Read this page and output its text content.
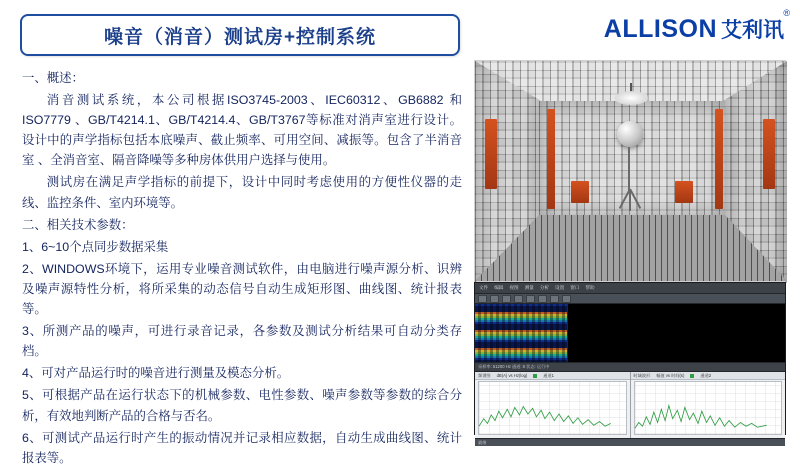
噪音（消音）测试房+控制系统	ALLISON 艾利讯
®

一、概述：

消音测试系统，本公司根据ISO3745-2003、IEC60312、GB6882 和ISO7779 、GB/T4214.1、GB/T4214.4、GB/T3767等标准对消声室进行设计。设计中的声学指标包括本底噪声、截止频率、可用空间、减振等。包含了半消音室 、全消音室、隔音降噪等多种房体供用户选择与使用。

测试房在满足声学指标的前提下，设计中同时考虑使用的方便性仪器的走线、监控条件、室内环境等。

二、相关技术参数：

1、6~10个点同步数据采集

2、WINDOWS环境下，运用专业噪音测试软件，由电脑进行噪声源分析、识辨及噪声源特性分析，将所采集的动态信号自动生成矩形图、曲线图、统计报表等。

3、所测产品的噪声，可进行录音记录，各参数及测试分析结果可自动分类存档。

4、可对产品运行时的噪音进行测量及模态分析。

5、可根据产品在运行状态下的机械参数、电性参数、噪声参数等参数的综合分析，有效地判断产品的合格与否名。

6、可测试产品运行时产生的振动情况并记录相应数据，自动生成曲线图、统计报表等。

文件 编辑 视图 测量 分析 设置 窗口 帮助
采样率: 51200 Hz 通道: 8 状态: 运行中
频谱图 dB(A) vs Hz(log)	通道1	时域波形 幅值 vs 时间(s)	通道2
就绪
